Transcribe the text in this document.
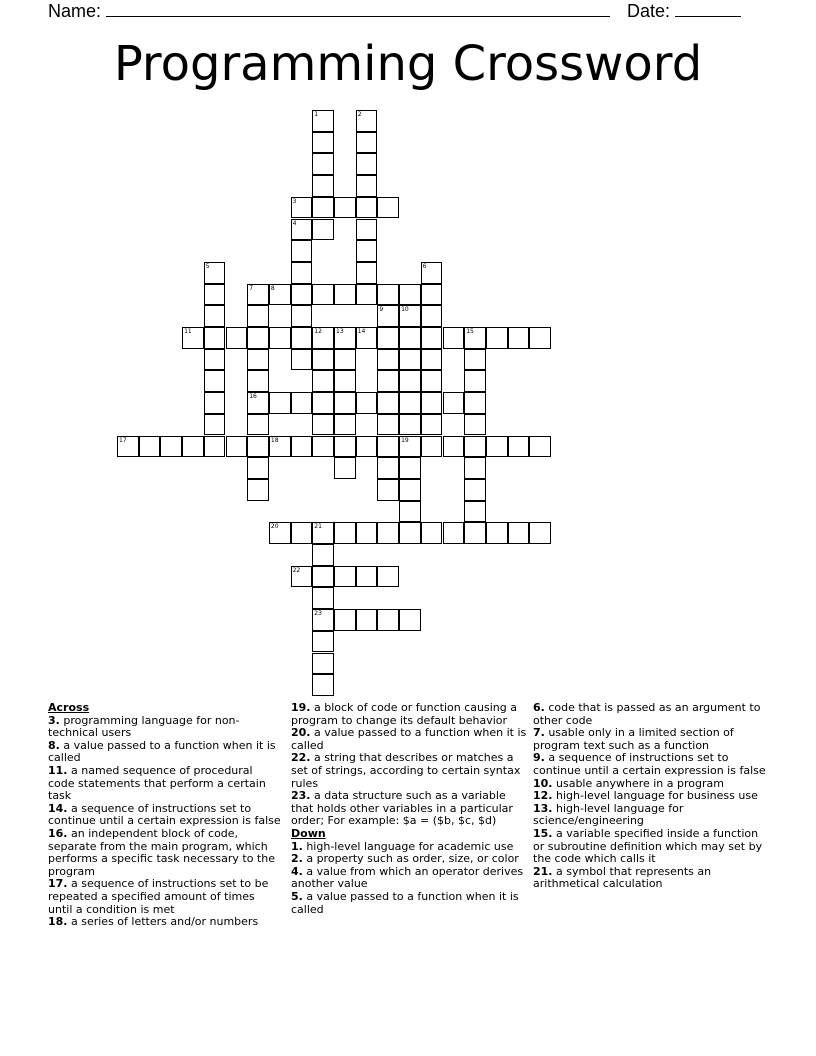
Name:	Date:
Programming Crossword
1	2
4
5	6
7
16
9	10
19
12 13	15
21
23
3
8
11	14
17	18
20
22
Across
3. programming language for non-technical users
8. a value passed to a function when it is called
11. a named sequence of procedural code statements that perform a certain task
14. a sequence of instructions set to continue until a certain expression is false
16. an independent block of code, separate from the main program, which performs a specific task necessary to the program
17. a sequence of instructions set to be repeated a specified amount of times until a condition is met
18. a series of letters and/or numbers
19. a block of code or function causing a program to change its default behavior
20. a value passed to a function when it is called
22. a string that describes or matches a set of strings, according to certain syntax rules
23. a data structure such as a variable that holds other variables in a particular order; For example: $a = ($b, $c, $d)
Down
1. high-level language for academic use
2. a property such as order, size, or color
4. a value from which an operator derives another value
5. a value passed to a function when it is called
6. code that is passed as an argument to other code
7. usable only in a limited section of program text such as a function
9. a sequence of instructions set to continue until a certain expression is false
10. usable anywhere in a program
12. high-level language for business use
13. high-level language for science/engineering
15. a variable specified inside a function or subroutine definition which may set by the code which calls it
21. a symbol that represents an arithmetical calculation
